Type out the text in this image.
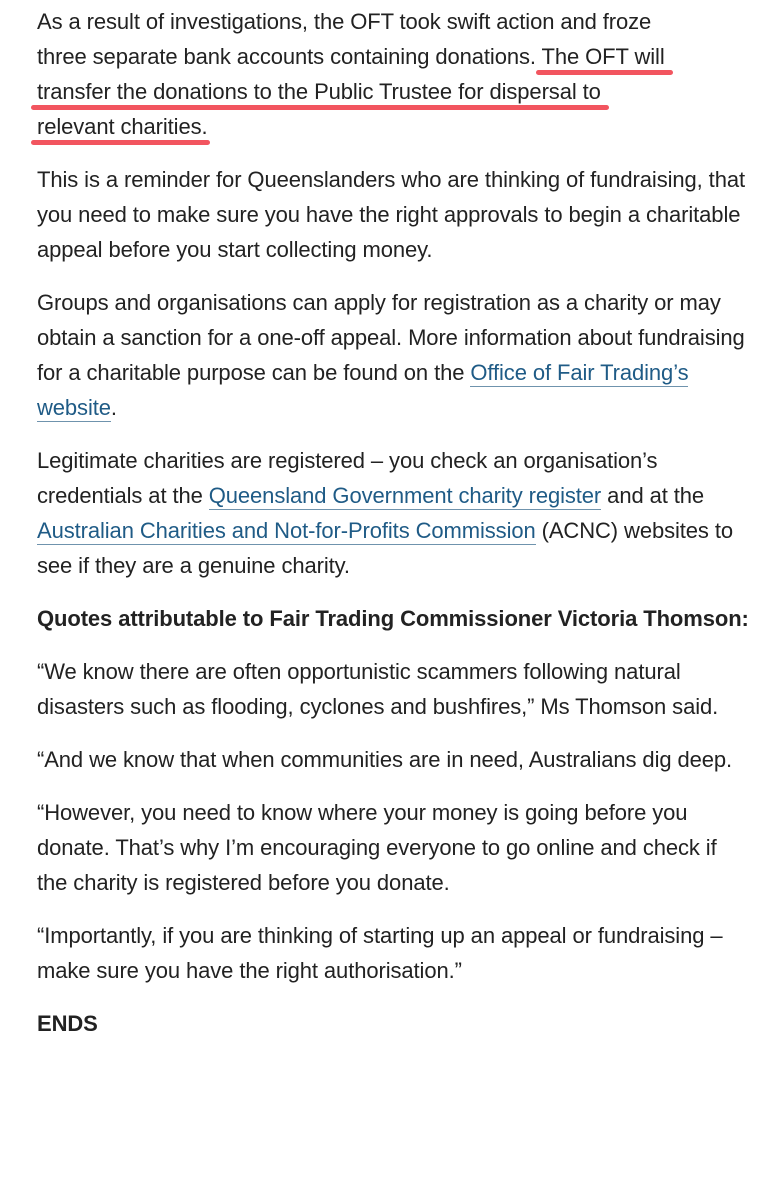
As a result of investigations, the OFT took swift action and froze
three separate bank accounts containing donations. The OFT will
transfer the donations to the Public Trustee for dispersal to
relevant charities.

This is a reminder for Queenslanders who are thinking of fundraising, that you need to make sure you have the right approvals to begin a charitable appeal before you start collecting money.

Groups and organisations can apply for registration as a charity or may obtain a sanction for a one-off appeal. More information about fundraising for a charitable purpose can be found on the Office of Fair Trading’s website.

Legitimate charities are registered – you check an organisation’s credentials at the Queensland Government charity register and at the Australian Charities and Not-for-Profits Commission (ACNC) websites to see if they are a genuine charity.

Quotes attributable to Fair Trading Commissioner Victoria Thomson:

“We know there are often opportunistic scammers following natural disasters such as flooding, cyclones and bushfires,” Ms Thomson said.

“And we know that when communities are in need, Australians dig deep.

“However, you need to know where your money is going before you donate. That’s why I’m encouraging everyone to go online and check if the charity is registered before you donate.

“Importantly, if you are thinking of starting up an appeal or fundraising – make sure you have the right authorisation.”

ENDS
